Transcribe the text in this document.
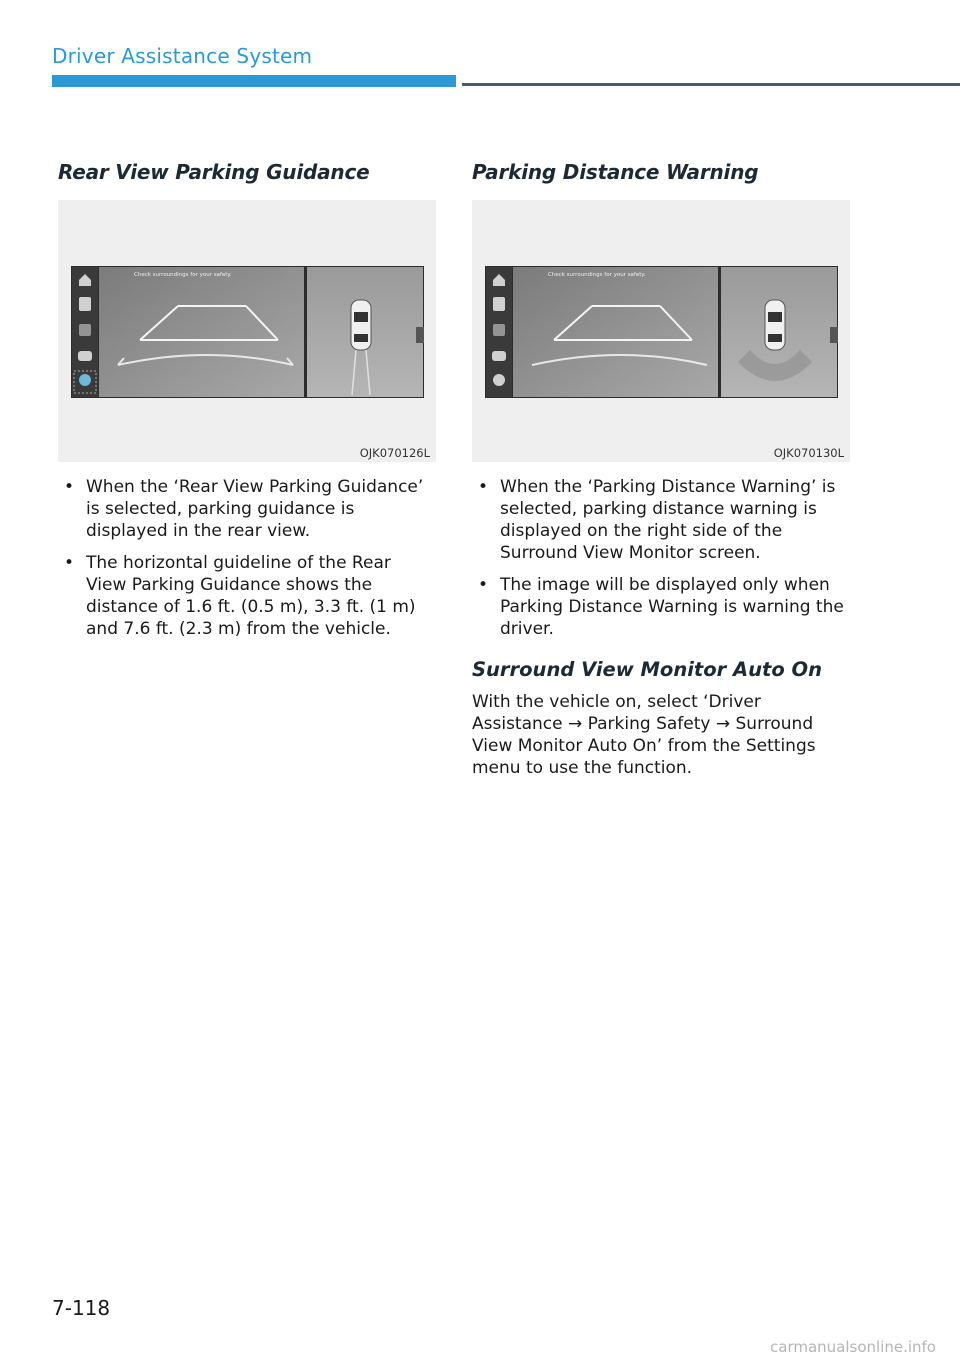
Driver Assistance System
Rear View Parking Guidance
Check surroundings for your safety.
OJK070126L
• When the ‘Rear View Parking Guidance’ is selected, parking guidance is displayed in the rear view.
• The horizontal guideline of the Rear View Parking Guidance shows the distance of 1.6 ft. (0.5 m), 3.3 ft. (1 m) and 7.6 ft. (2.3 m) from the vehicle.
Parking Distance Warning
Check surroundings for your safety.
OJK070130L
• When the ‘Parking Distance Warning’ is selected, parking distance warning is displayed on the right side of the Surround View Monitor screen.
• The image will be displayed only when Parking Distance Warning is warning the driver.
Surround View Monitor Auto On
With the vehicle on, select ‘Driver Assistance → Parking Safety → Surround View Monitor Auto On’ from the Settings menu to use the function.
7-118
carmanualsonline.info
